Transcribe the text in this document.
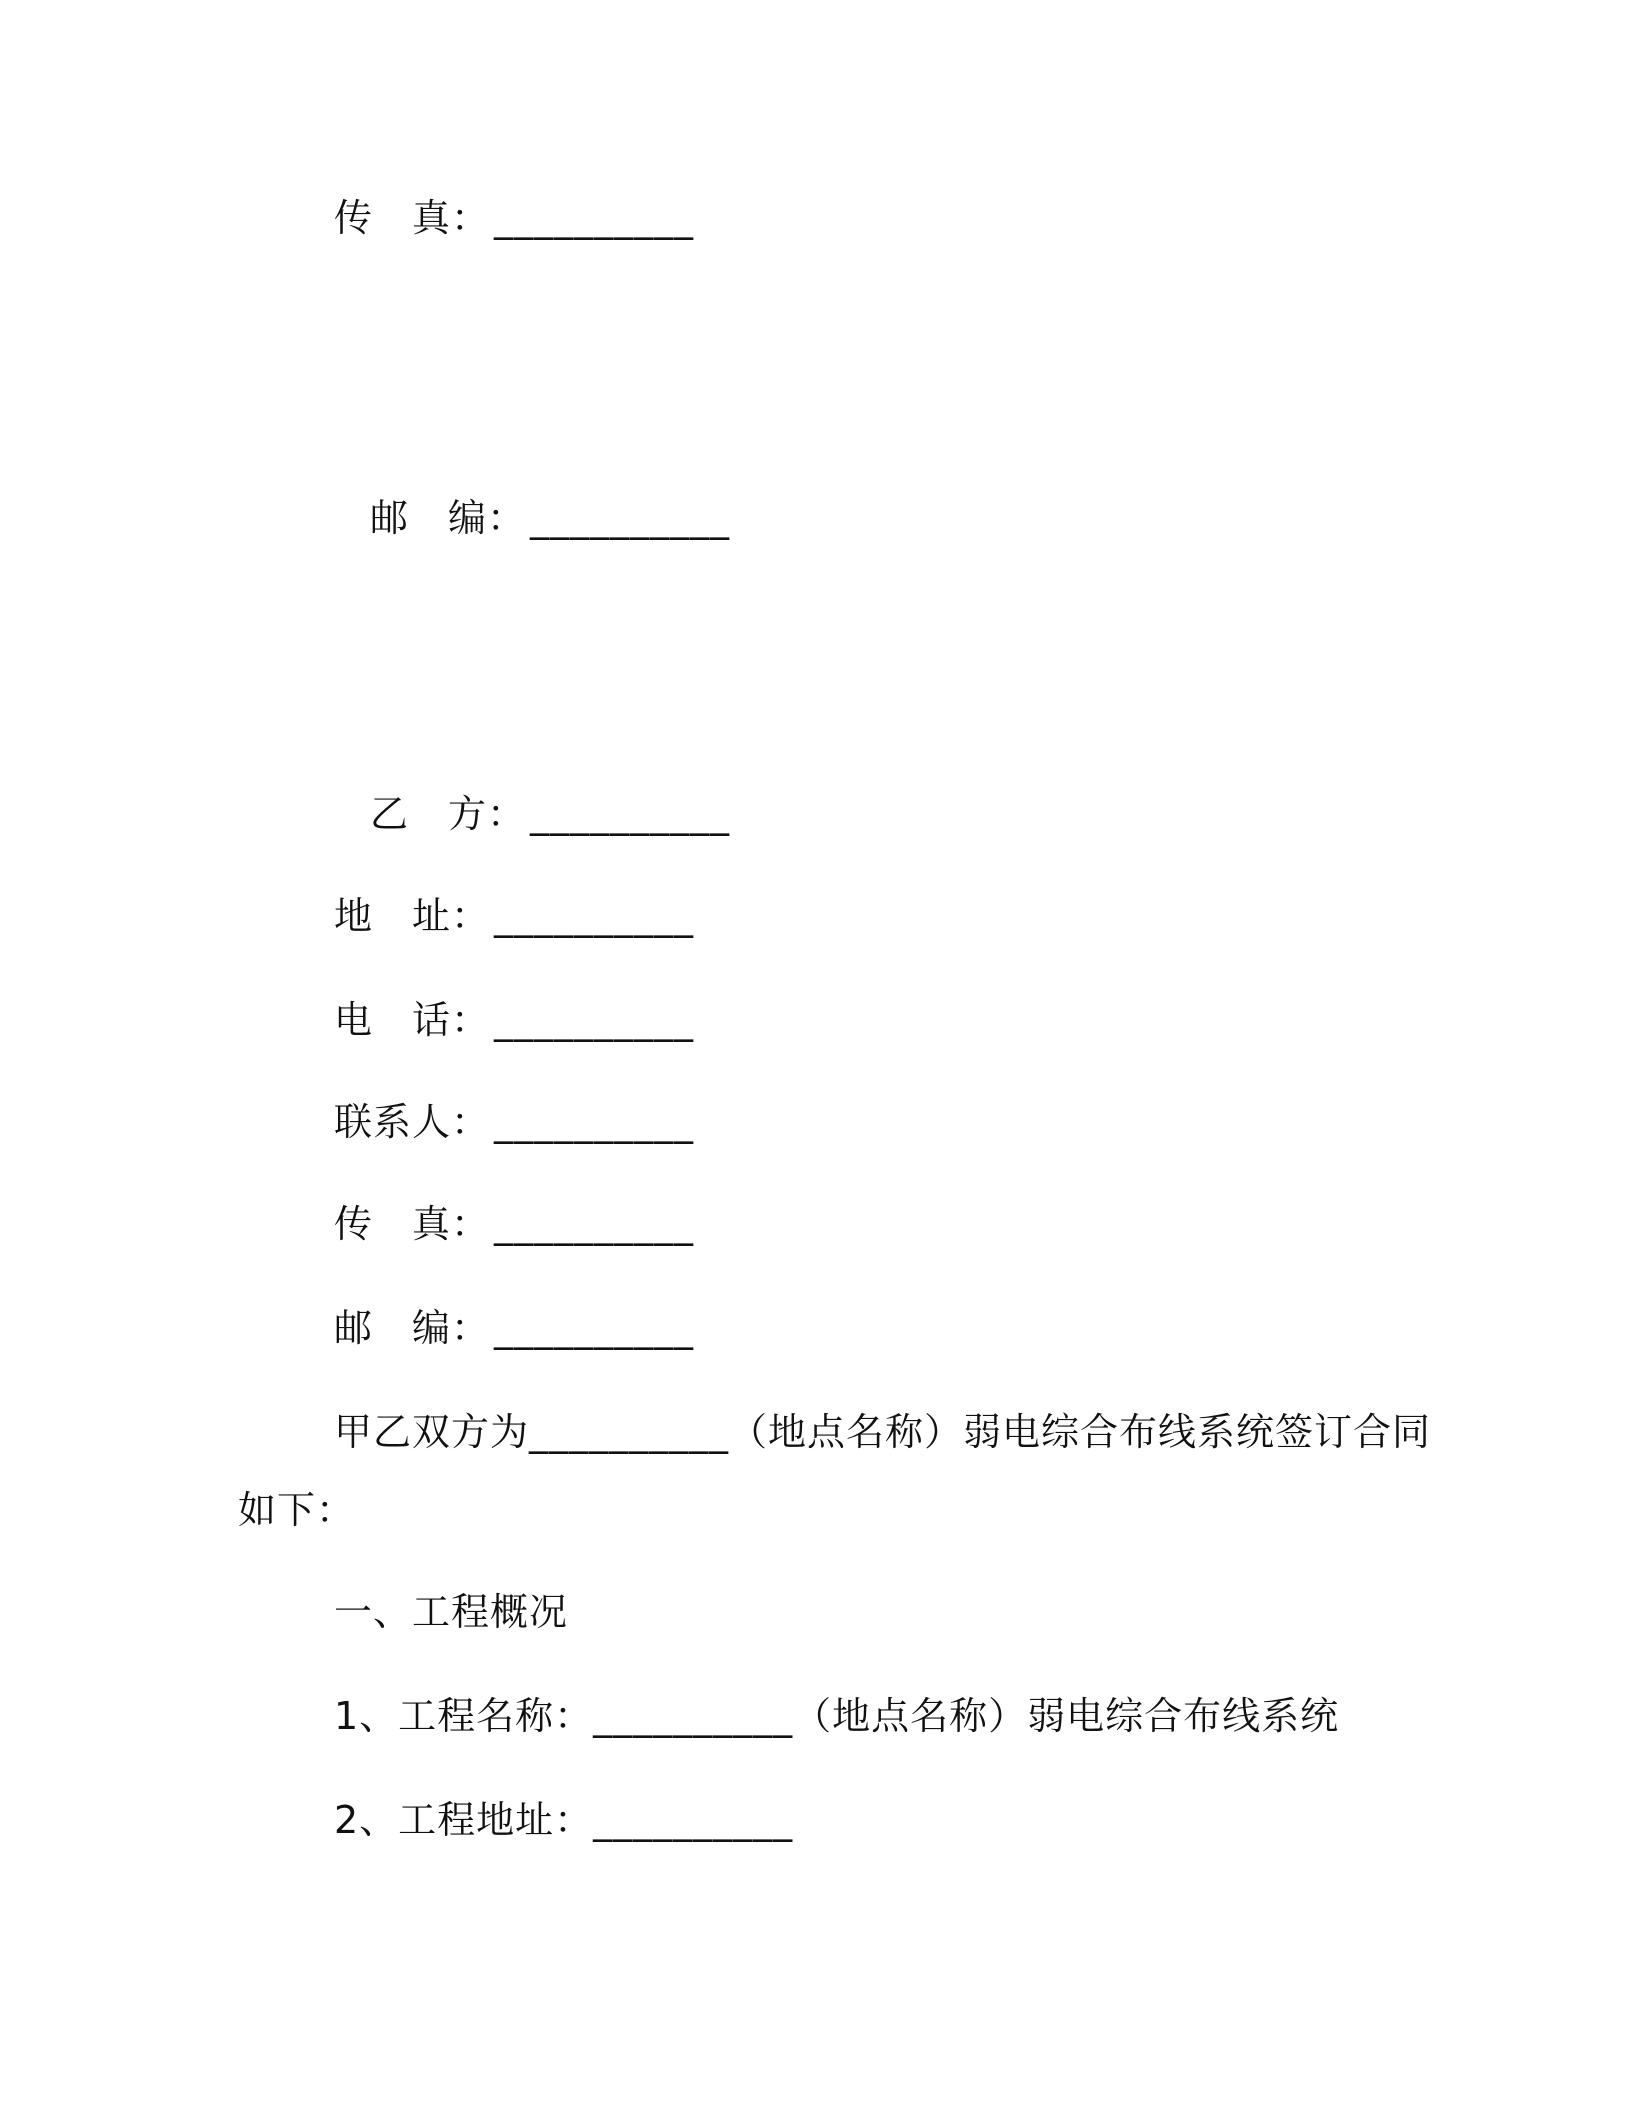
传　真： __________
邮　编： __________
乙　方： __________
地　址： __________
电　话： __________
联系人： __________
传　真： __________
邮　编： __________
甲乙双方为__________（地点名称）弱电综合布线系统签订合同
如下：
一、工程概况
1、工程名称：__________（地点名称）弱电综合布线系统
2、工程地址：__________
